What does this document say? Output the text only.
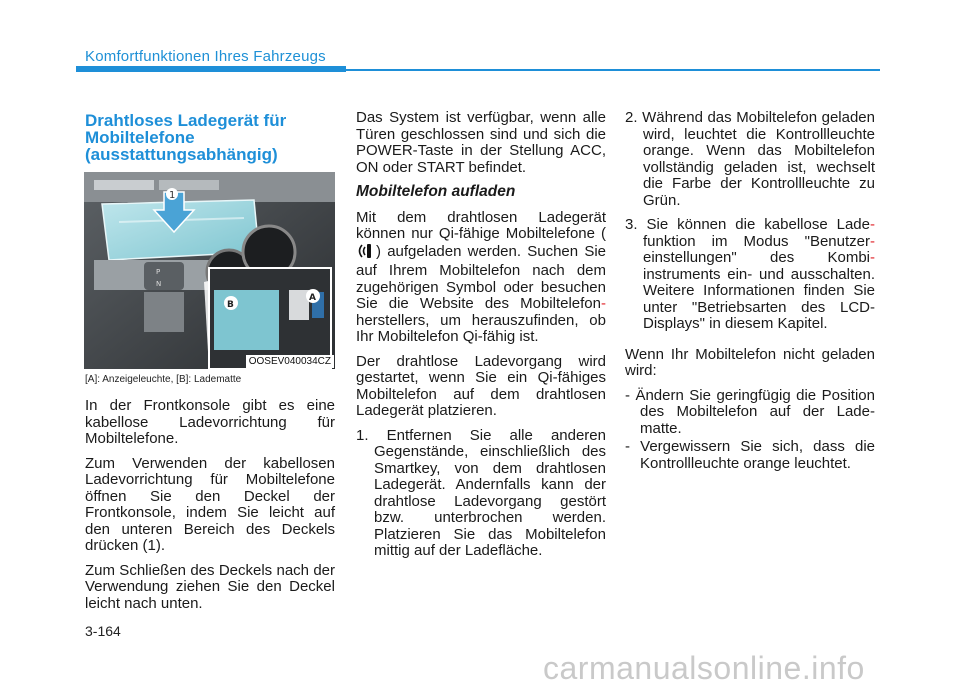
Komfortfunktionen Ihres Fahrzeugs
Drahtloses Ladegerät für Mobiltelefone (ausstattungsabhängig)
P
N
1
B
A
OOSEV040034CZ
[A]: Anzeigeleuchte, [B]: Ladematte

In der Frontkonsole gibt es eine kabellose Ladevorrichtung für Mobiltelefone.

Zum Verwenden der kabellosen Ladevorrichtung für Mobiltelefone öffnen Sie den Deckel der Frontkonsole, indem Sie leicht auf den unteren Bereich des Deckels drücken (1).

Zum Schließen des Deckels nach der Verwendung ziehen Sie den Deckel leicht nach unten.

Das System ist verfügbar, wenn alle Türen geschlossen sind und sich die POWER-Taste in der Stellung ACC, ON oder START befindet.

Mobiltelefon aufladen

Mit dem drahtlosen Ladegerät können nur Qi-fähige Mobiltelefone () aufgeladen werden. Suchen Sie auf Ihrem Mobiltelefon nach dem zugehörigen Symbol oder besuchen Sie die Website des Mobiltelefon- herstellers, um herauszufinden, ob Ihr Mobiltelefon Qi-fähig ist.

Der drahtlose Ladevorgang wird gestartet, wenn Sie ein Qi-fähiges Mobiltelefon auf dem drahtlosen Ladegerät platzieren.

1. Entfernen Sie alle anderen Gegenstände, einschließlich des Smartkey, von dem drahtlosen Ladegerät. Andernfalls kann der drahtlose Ladevorgang gestört bzw. unterbrochen werden. Platzieren Sie das Mobiltelefon mittig auf der Ladefläche.

2. Während das Mobiltelefon geladen wird, leuchtet die Kontrollleuchte orange. Wenn das Mobiltelefon vollständig geladen ist, wechselt die Farbe der Kontrollleuchte zu Grün.

3. Sie können die kabellose Lade- funktion im Modus "Benutzer- einstellungen" des Kombi- instruments ein- und ausschalten. Weitere Informationen finden Sie unter "Betriebsarten des LCD-Displays" in diesem Kapitel.

Wenn Ihr Mobiltelefon nicht geladen wird:

- Ändern Sie geringfügig die Position des Mobiltelefon auf der Ladematte.

- Vergewissern Sie sich, dass die Kontrollleuchte orange leuchtet.

3-164
carmanualsonline.info
